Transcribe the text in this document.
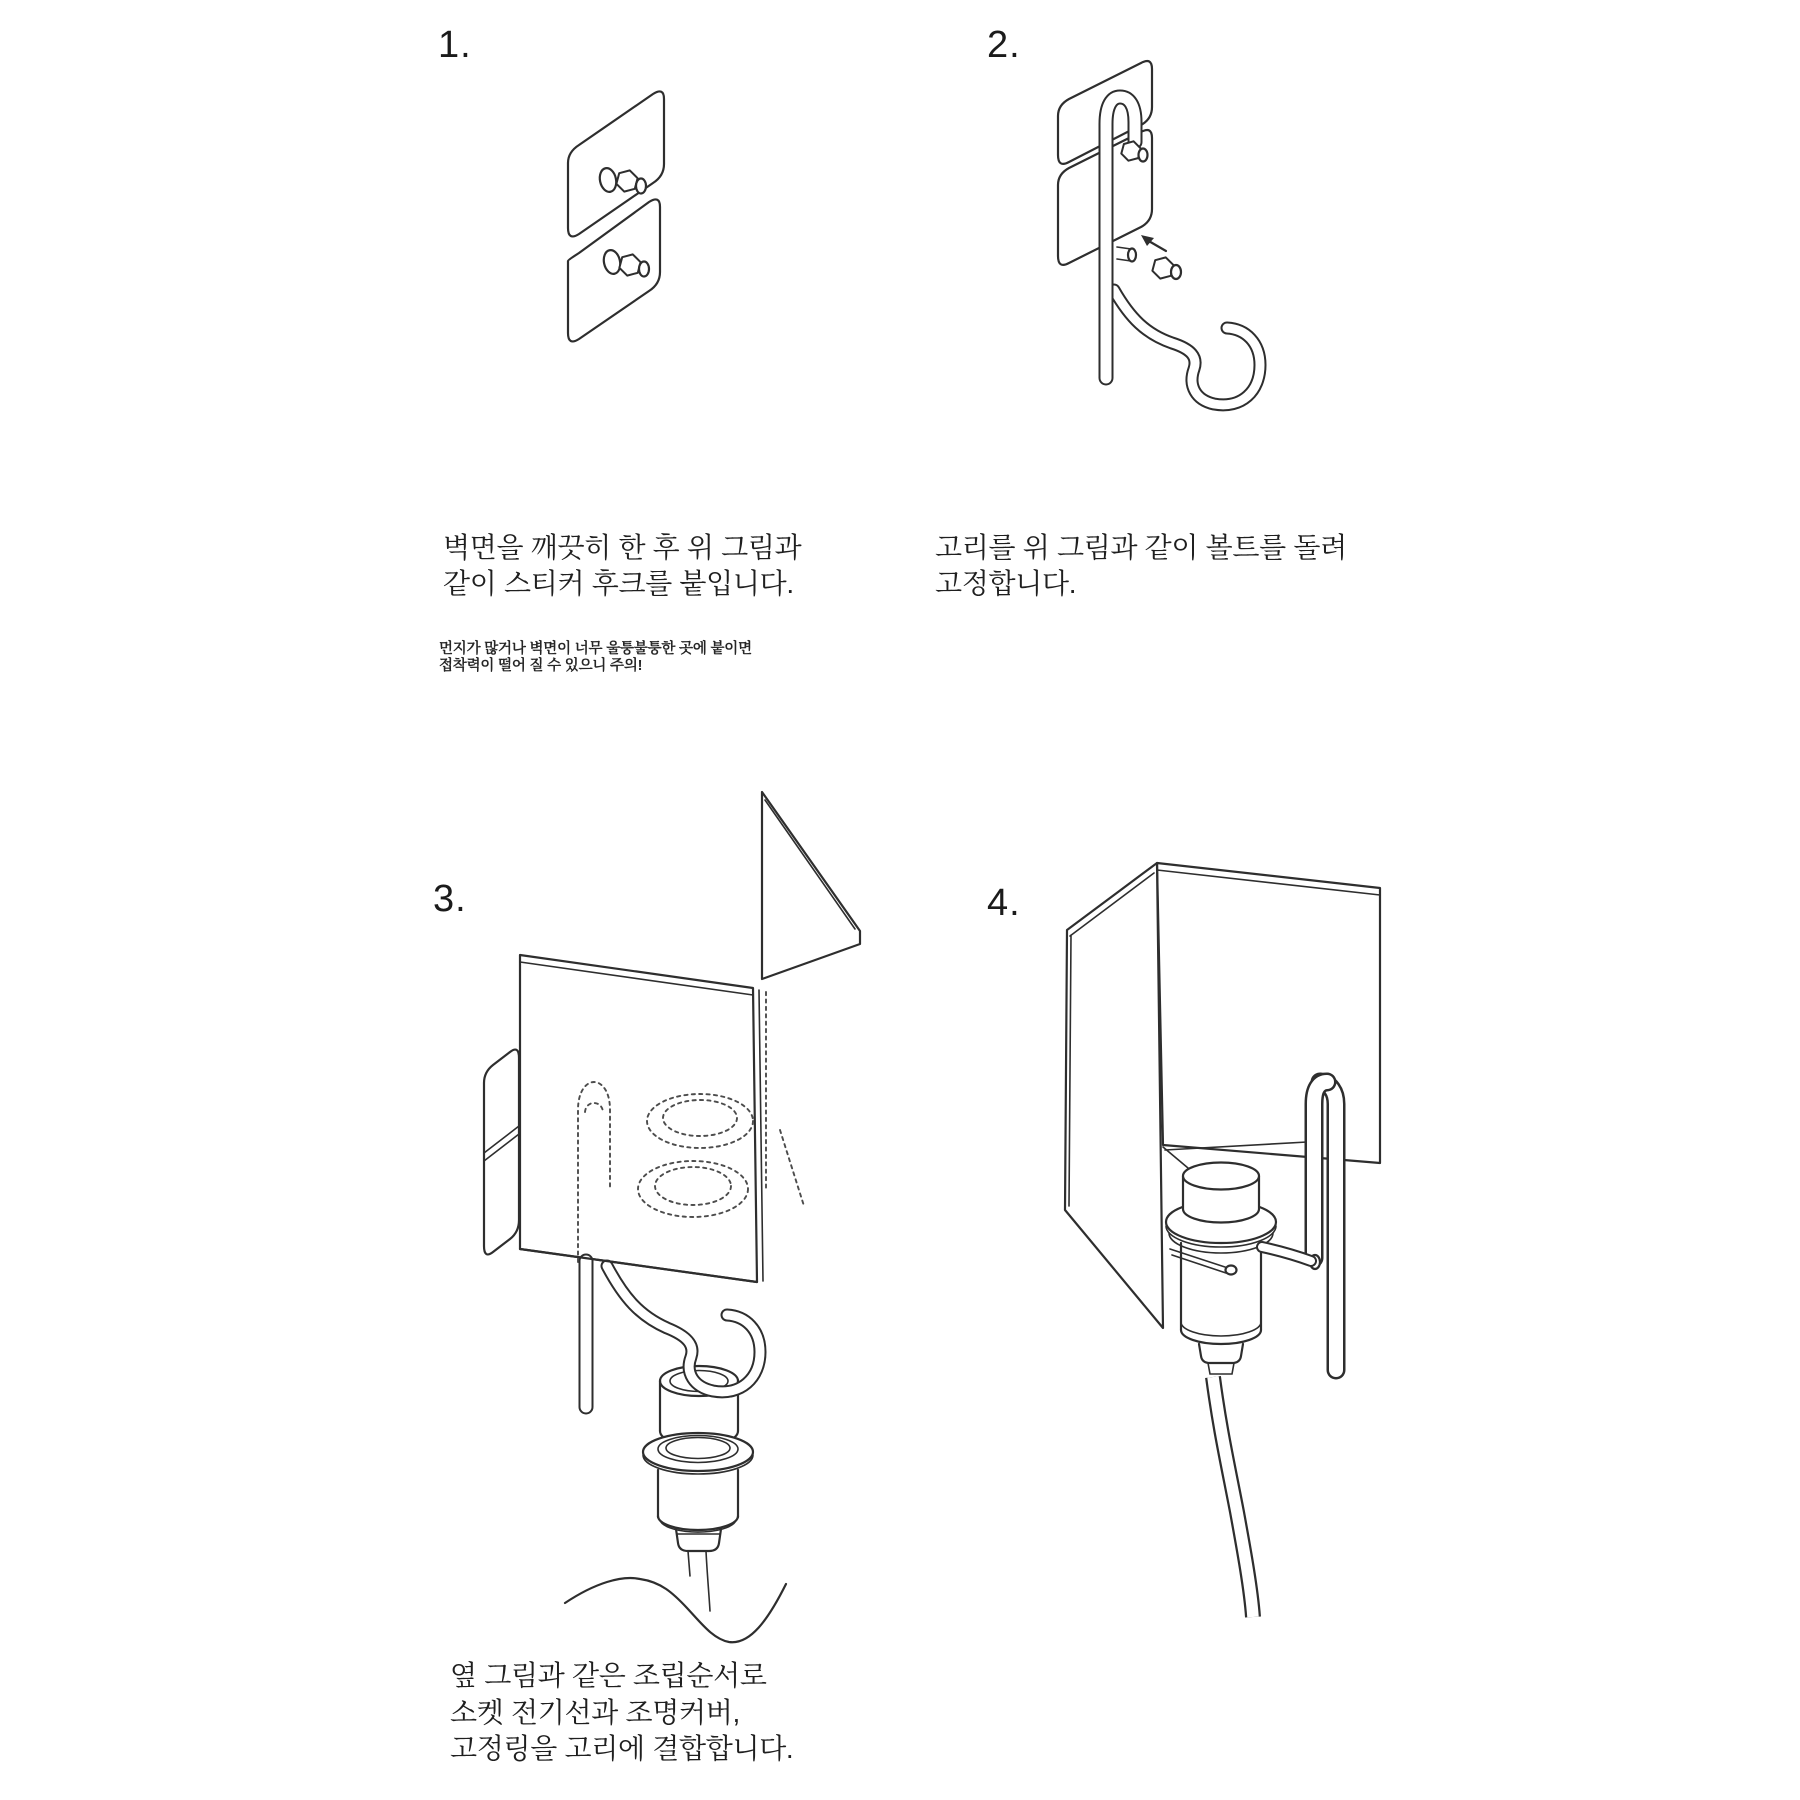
1.
벽면을 깨끗히 한 후 위 그림과
같이 스티커 후크를 붙입니다.
먼지가 많거나 벽면이 너무 울퉁불퉁한 곳에 붙이면
접착력이 떨어 질 수 있으니 주의!
2.
고리를 위 그림과 같이 볼트를 돌려
고정합니다.
3.
옆 그림과 같은 조립순서로
소켓 전기선과 조명커버,
고정링을 고리에 결합합니다.
4.
